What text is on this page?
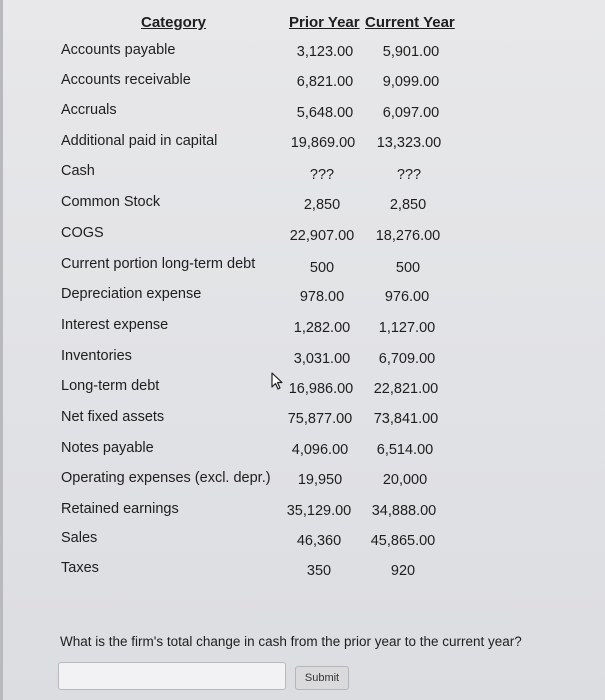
Category	Prior Year Current Year
Accounts payable	3,123.00 5,901.00
Accounts receivable	6,821.00 9,099.00
Accruals	5,648.00 6,097.00
Additional paid in capital	19,869.00 13,323.00
Cash	???	???
Common Stock	2,850	2,850
COGS	22,907.00 18,276.00
Current portion long-term debt	500	500
Depreciation expense	978.00	976.00
Interest expense	1,282.00 1,127.00
Inventories	3,031.00 6,709.00
Long-term debt	16,986.00 22,821.00
Net fixed assets	75,877.00 73,841.00
Notes payable	4,096.00 6,514.00
Operating expenses (excl. depr.) 19,950	20,000
Retained earnings	35,129.00 34,888.00
Sales	46,360 45,865.00
Taxes	350	920
What is the firm's total change in cash from the prior year to the current year?
Submit
